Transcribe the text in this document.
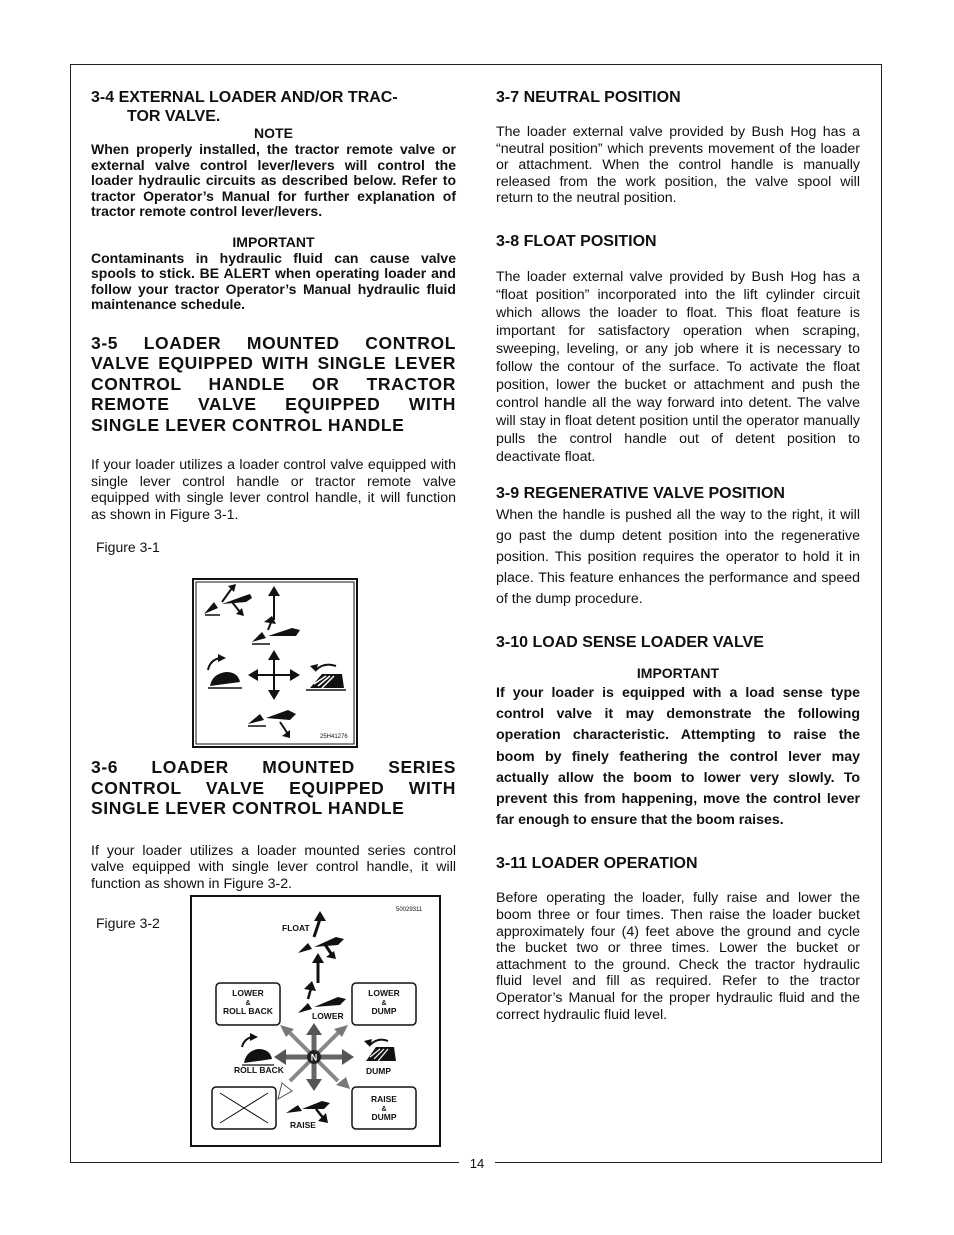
14
3-4 EXTERNAL LOADER AND/OR TRAC-
TOR VALVE.

NOTE

When properly installed, the tractor remote valve or external valve control lever/levers will control the loader hydraulic circuits as described below. Refer to tractor Operator’s Manual for further explanation of tractor remote control lever/levers.

IMPORTANT

Contaminants in hydraulic fluid can cause valve spools to stick. BE ALERT when operating loader and follow your tractor Operator’s Manual hydraulic fluid maintenance schedule.

3-5 LOADER MOUNTED CONTROL VALVE EQUIPPED WITH SINGLE LEVER CONTROL HANDLE OR TRACTOR REMOTE VALVE EQUIPPED WITH SINGLE LEVER CONTROL HANDLE

If your loader utilizes a loader control valve equipped with single lever control handle or tractor remote valve equipped with single lever control handle, it will function as shown in Figure 3-1.

Figure 3-1

25H41276
3-6 LOADER MOUNTED SERIES CONTROL VALVE EQUIPPED WITH SINGLE LEVER CONTROL HANDLE

If your loader utilizes a loader mounted series control valve equipped with single lever control handle, it will function as shown in Figure 3-2.

Figure 3-2

50029311
FLOAT
LOWER
&
ROLL BACK
LOWER
&
DUMP
LOWER
N
ROLL BACK	DUMP
RAISE
RAISE
&
DUMP
3-7 NEUTRAL POSITION

The loader external valve provided by Bush Hog has a “neutral position” which prevents movement of the loader or attachment. When the control handle is manually released from the work position, the valve spool will return to the neutral position.

3-8 FLOAT POSITION

The loader external valve provided by Bush Hog has a “float position” incorporated into the lift cylinder circuit which allows the loader to float. This float feature is important for satisfactory operation when scraping, sweeping, leveling, or any job where it is necessary to follow the contour of the surface. To activate the float position, lower the bucket or attachment and push the control handle all the way forward into detent. The valve will stay in float detent position until the operator manually pulls the control handle out of detent position to deactivate float.

3-9 REGENERATIVE VALVE POSITION

When the handle is pushed all the way to the right, it will go past the dump detent position into the regenerative position. This position requires the operator to hold it in place. This feature enhances the performance and speed of the dump procedure.

3-10 LOAD SENSE LOADER VALVE

IMPORTANT

If your loader is equipped with a load sense type control valve it may demonstrate the following operation characteristic. Attempting to raise the boom by finely feathering the control lever may actually allow the boom to lower very slowly. To prevent this from happening, move the control lever far enough to ensure that the boom raises.

3-11 LOADER OPERATION

Before operating the loader, fully raise and lower the boom three or four times. Then raise the loader bucket approximately four (4) feet above the ground and cycle the bucket two or three times. Lower the bucket or attachment to the ground. Check the tractor hydraulic fluid level and fill as required. Refer to the tractor Operator’s Manual for the proper hydraulic fluid and the correct hydraulic fluid level.
